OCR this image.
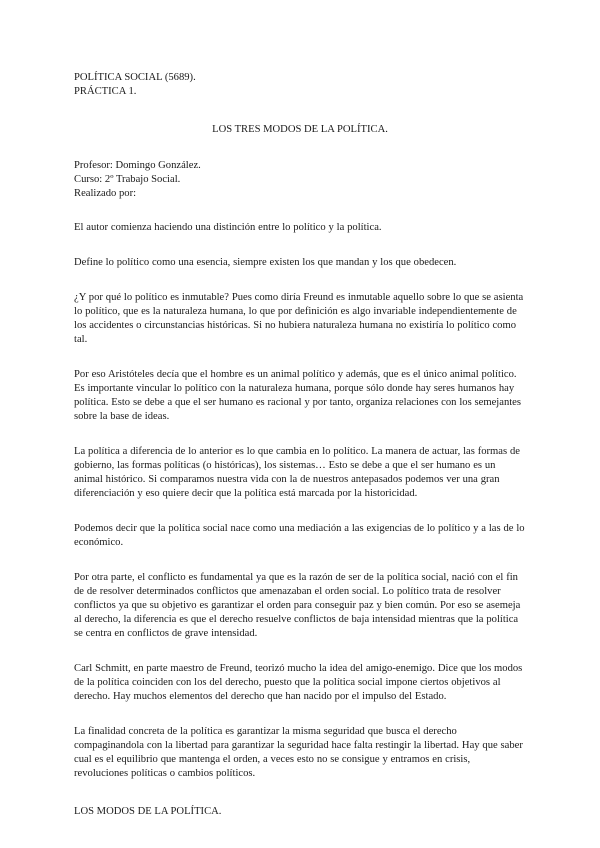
POLÍTICA SOCIAL (5689).

PRÁCTICA 1.

LOS TRES MODOS DE LA POLÍTICA.

Profesor: Domingo González.

Curso: 2º Trabajo Social.

Realizado por:

El autor comienza haciendo una distinción entre lo político y la política.

Define lo político como una esencia, siempre existen los que mandan y los que obedecen.

¿Y por qué lo político es inmutable? Pues como diría Freund es inmutable aquello sobre lo que se asienta lo político, que es la naturaleza humana, lo que por definición es algo invariable independientemente de los accidentes o circunstancias históricas. Si no hubiera naturaleza humana no existiría lo político como tal.

Por eso Aristóteles decía que el hombre es un animal político y además, que es el único animal político. Es importante vincular lo político con la naturaleza humana, porque sólo donde hay seres humanos hay política. Esto se debe a que el ser humano es racional y por tanto, organiza relaciones con los semejantes sobre la base de ideas.

La política a diferencia de lo anterior es lo que cambia en lo político. La manera de actuar, las formas de gobierno, las formas políticas (o históricas), los sistemas… Esto se debe a que el ser humano es un animal histórico. Si comparamos nuestra vida con la de nuestros antepasados podemos ver una gran diferenciación y eso quiere decir que la política está marcada por la historicidad.

Podemos decir que la política social nace como una mediación a las exigencias de lo político y a las de lo económico.

Por otra parte, el conflicto es fundamental ya que es la razón de ser de la política social, nació con el fin de de resolver determinados conflictos que amenazaban el orden social. Lo político trata de resolver conflictos ya que su objetivo es garantizar el orden para conseguir paz y bien común. Por eso se asemeja al derecho, la diferencia es que el derecho resuelve conflictos de baja intensidad mientras que la política se centra en conflictos de grave intensidad.

Carl Schmitt, en parte maestro de Freund, teorizó mucho la idea del amigo-enemigo. Dice que los modos de la política coinciden con los del derecho, puesto que la política social impone ciertos objetivos al derecho. Hay muchos elementos del derecho que han nacido por el impulso del Estado.

La finalidad concreta de la política es garantizar la misma seguridad que busca el derecho compaginandola con la libertad para garantizar la seguridad hace falta restingir la libertad. Hay que saber cual es el equilibrio que mantenga el orden, a veces esto no se consigue y entramos en crisis, revoluciones políticas o cambios políticos.

LOS MODOS DE LA POLÍTICA.
